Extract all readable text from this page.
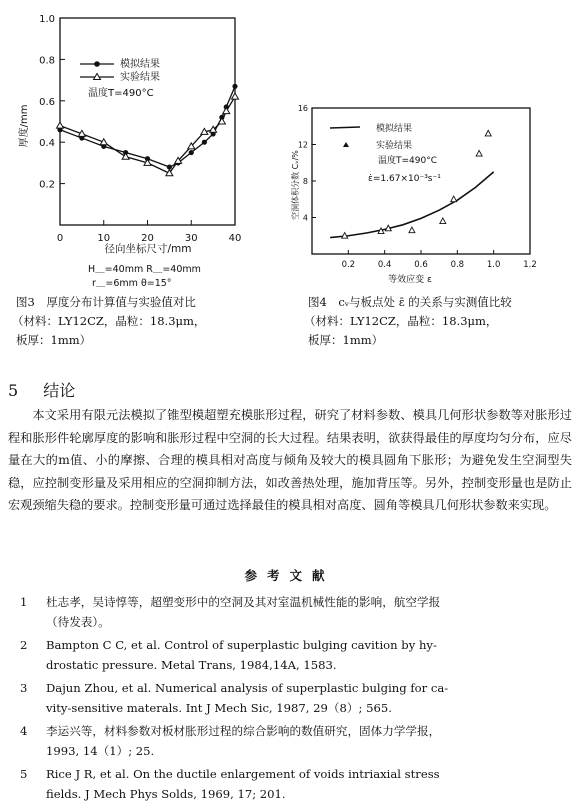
0.2
0.4
0.6
0.8
1.0
0	10	20	30	40
厚度/mm
径向坐标尺寸/mm
模拟结果
实验结果
温度T=490°C
H＿=40mm R＿=40mm
r＿=6mm θ=15°
4
8
12
16
0.2	0.4	0.6	0.8	1.0	1.2
空洞体积分数 Cᵥ/%
等效应变 ε
模拟结果
实验结果
温度T=490°C
ε̇=1.67×10⁻³s⁻¹
图3　厚度分布计算值与实验值对比
（材料：LY12CZ，晶粒：18.3μm，
板厚：1mm）
图4　cᵥ与板点处 ε̄ 的关系与实测值比较
（材料：LY12CZ，晶粒：18.3μm，
板厚：1mm）
5 结论
本文采用有限元法模拟了锥型模超塑充模胀形过程，研究了材料参数、模具几何形状参数等对胀形过程和胀形件轮廓厚度的影响和胀形过程中空洞的长大过程。结果表明，欲获得最佳的厚度均匀分布，应尽量在大的m值、小的摩擦、合理的模具相对高度与倾角及较大的模具圆角下胀形；为避免发生空洞型失稳，应控制变形量及采用相应的空洞抑制方法，如改善热处理，施加背压等。另外，控制变形量也是防止宏观颈缩失稳的要求。控制变形量可通过选择最佳的模具相对高度、圆角等模具几何形状参数来实现。
参考文献
1 杜志孝，吴诗惇等，超塑变形中的空洞及其对室温机械性能的影响，航空学报
（待发表）。
2 Bampton C C, et al. Control of superplastic bulging cavition by hy-
drostatic pressure. Metal Trans, 1984,14A, 1583.
3 Dajun Zhou, et al. Numerical analysis of superplastic bulging for ca-
vity-sensitive materals. Int J Mech Sic, 1987, 29（8）; 565.
4 李运兴等，材料参数对板材胀形过程的综合影响的数值研究，固体力学学报，
1993, 14（1）; 25.
5 Rice J R, et al. On the ductile enlargement of voids intriaxial stress
fields. J Mech Phys Solds, 1969, 17; 201.
